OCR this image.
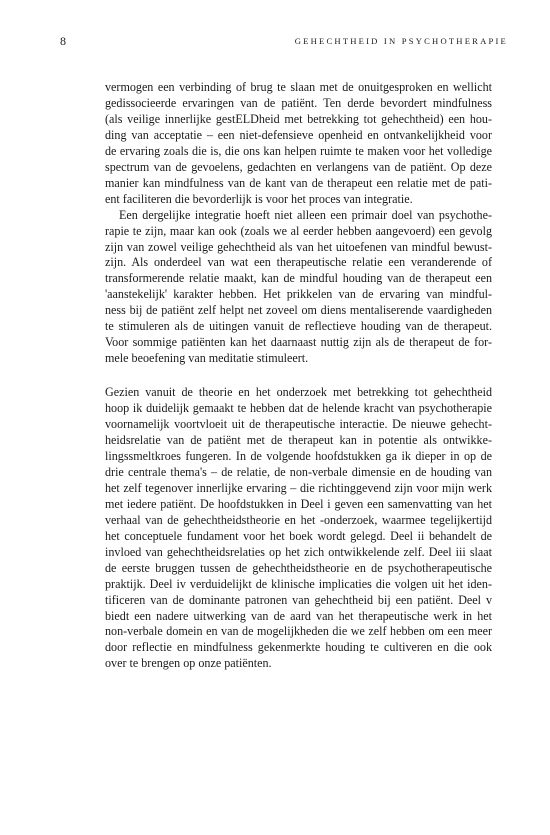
8	GEHECHTHEID IN PSYCHOTHERAPIE
vermogen een verbinding of brug te slaan met de onuitgesproken en wellicht
gedissocieerde ervaringen van de patiënt. Ten derde bevordert mindfulness
(als veilige innerlijke gestELDheid met betrekking tot gehechtheid) een hou-
ding van acceptatie – een niet-defensieve openheid en ontvankelijkheid voor
de ervaring zoals die is, die ons kan helpen ruimte te maken voor het volledige
spectrum van de gevoelens, gedachten en verlangens van de patiënt. Op deze
manier kan mindfulness van de kant van de therapeut een relatie met de pati-
ent faciliteren die bevorderlijk is voor het proces van integratie.
Een dergelijke integratie hoeft niet alleen een primair doel van psychothe-
rapie te zijn, maar kan ook (zoals we al eerder hebben aangevoerd) een gevolg
zijn van zowel veilige gehechtheid als van het uitoefenen van mindful bewust-
zijn. Als onderdeel van wat een therapeutische relatie een veranderende of
transformerende relatie maakt, kan de mindful houding van de therapeut een
'aanstekelijk' karakter hebben. Het prikkelen van de ervaring van mindful-
ness bij de patiënt zelf helpt net zoveel om diens mentaliserende vaardigheden
te stimuleren als de uitingen vanuit de reflectieve houding van de therapeut.
Voor sommige patiënten kan het daarnaast nuttig zijn als de therapeut de for-
mele beoefening van meditatie stimuleert.
Gezien vanuit de theorie en het onderzoek met betrekking tot gehechtheid
hoop ik duidelijk gemaakt te hebben dat de helende kracht van psychotherapie
voornamelijk voortvloeit uit de therapeutische interactie. De nieuwe gehecht-
heidsrelatie van de patiënt met de therapeut kan in potentie als ontwikke-
lingssmeltkroes fungeren. In de volgende hoofdstukken ga ik dieper in op de
drie centrale thema's – de relatie, de non-verbale dimensie en de houding van
het zelf tegenover innerlijke ervaring – die richtinggevend zijn voor mijn werk
met iedere patiënt. De hoofdstukken in Deel i geven een samenvatting van het
verhaal van de gehechtheidstheorie en het -onderzoek, waarmee tegelijkertijd
het conceptuele fundament voor het boek wordt gelegd. Deel ii behandelt de
invloed van gehechtheidsrelaties op het zich ontwikkelende zelf. Deel iii slaat
de eerste bruggen tussen de gehechtheidstheorie en de psychotherapeutische
praktijk. Deel iv verduidelijkt de klinische implicaties die volgen uit het iden-
tificeren van de dominante patronen van gehechtheid bij een patiënt. Deel v
biedt een nadere uitwerking van de aard van het therapeutische werk in het
non-verbale domein en van de mogelijkheden die we zelf hebben om een meer
door reflectie en mindfulness gekenmerkte houding te cultiveren en die ook
over te brengen op onze patiënten.
